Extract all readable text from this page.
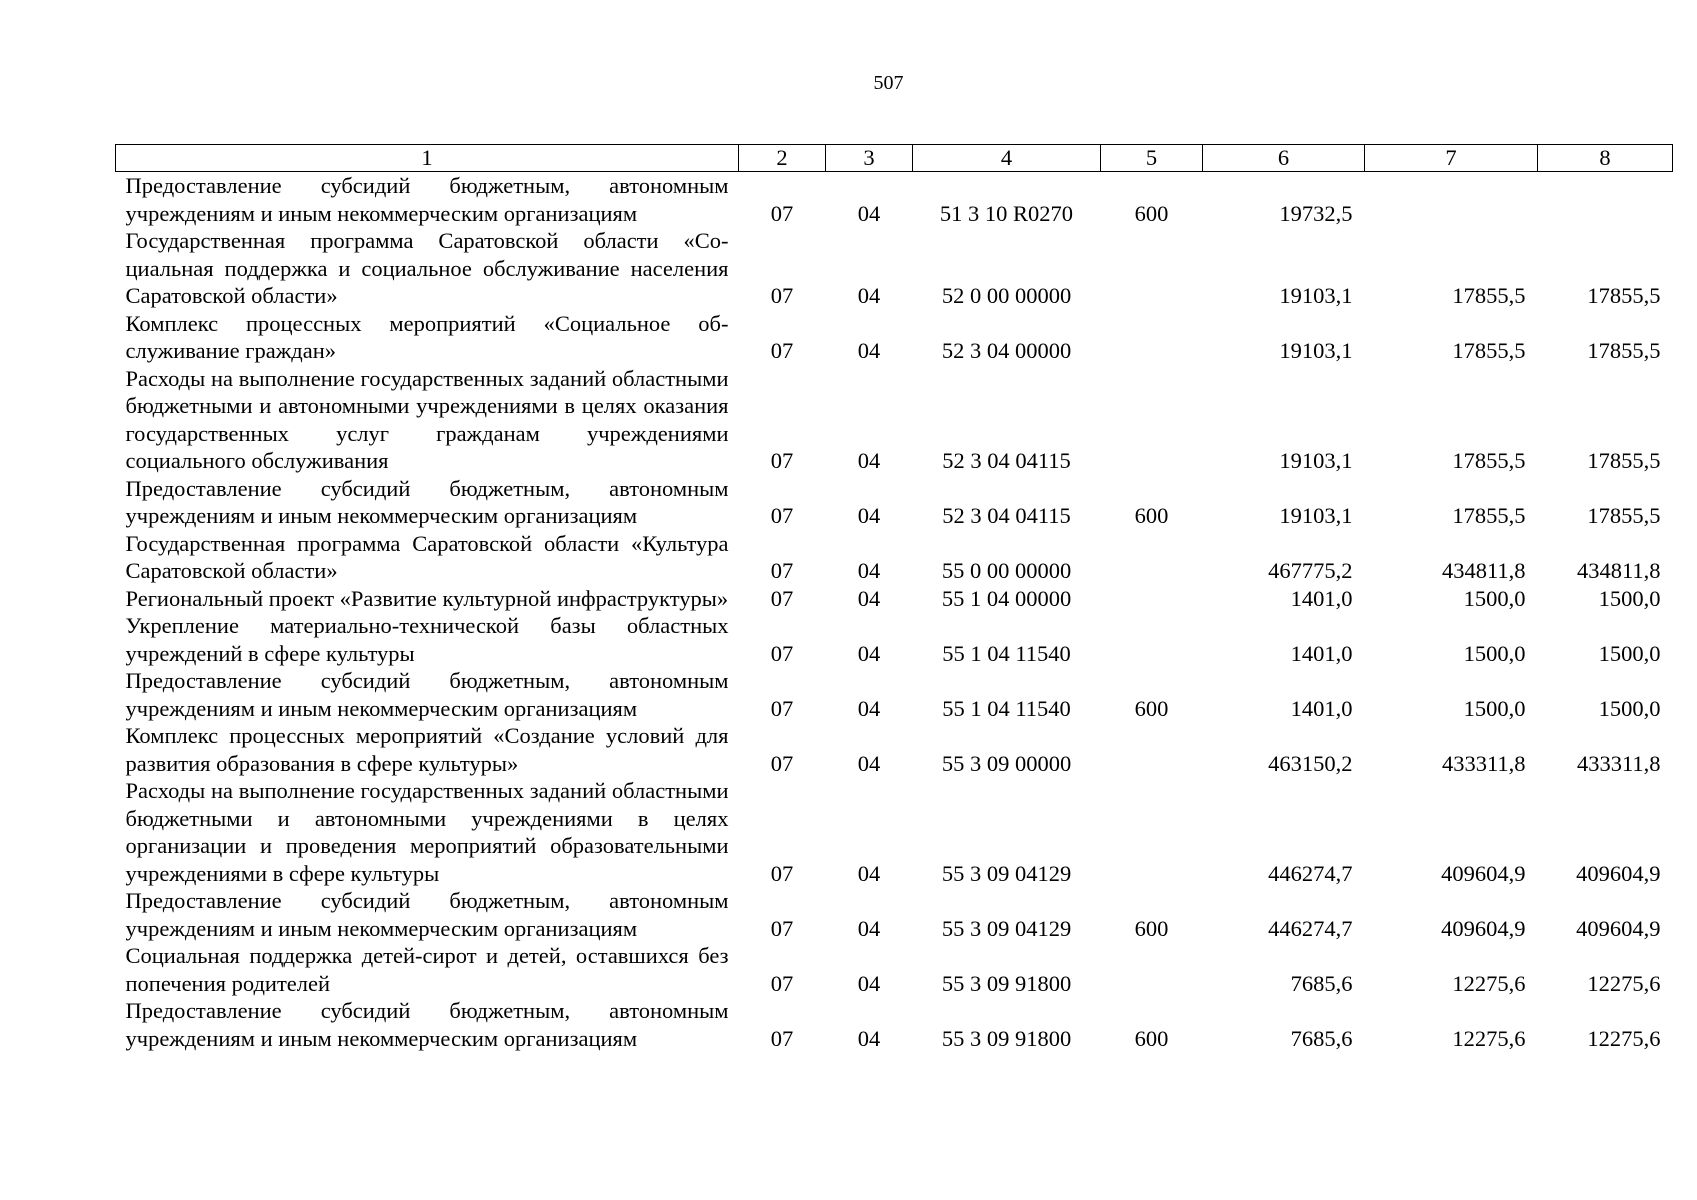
507
1	2	3	4	5	6	7	8
Предоставление субсидий бюджетным, автономным учреждениям и иным некоммерческим организациям	07	04	51 3 10 R0270	600	19732,5		
Государственная программа Саратовской области «Социальная поддержка и социальное обслуживание населения Саратовской области»	07	04	52 0 00 00000		19103,1	17855,5	17855,5
Комплекс процессных мероприятий «Социальное обслуживание граждан»	07	04	52 3 04 00000		19103,1	17855,5	17855,5
Расходы на выполнение государственных заданий областными бюджетными и автономными учреждениями в целях оказания государственных услуг гражданам учреждениями социального обслуживания	07	04	52 3 04 04115		19103,1	17855,5	17855,5
Предоставление субсидий бюджетным, автономным учреждениям и иным некоммерческим организациям	07	04	52 3 04 04115	600	19103,1	17855,5	17855,5
Государственная программа Саратовской области «Культура Саратовской области»	07	04	55 0 00 00000		467775,2	434811,8	434811,8
Региональный проект «Развитие культурной инфраструктуры»	07	04	55 1 04 00000		1401,0	1500,0	1500,0
Укрепление материально-технической базы областных учреждений в сфере культуры	07	04	55 1 04 11540		1401,0	1500,0	1500,0
Предоставление субсидий бюджетным, автономным учреждениям и иным некоммерческим организациям	07	04	55 1 04 11540	600	1401,0	1500,0	1500,0
Комплекс процессных мероприятий «Создание условий для развития образования в сфере культуры»	07	04	55 3 09 00000		463150,2	433311,8	433311,8
Расходы на выполнение государственных заданий областными бюджетными и автономными учреждениями в целях организации и проведения мероприятий образовательными учреждениями в сфере культуры	07	04	55 3 09 04129		446274,7	409604,9	409604,9
Предоставление субсидий бюджетным, автономным учреждениям и иным некоммерческим организациям	07	04	55 3 09 04129	600	446274,7	409604,9	409604,9
Социальная поддержка детей-сирот и детей, оставшихся без попечения родителей	07	04	55 3 09 91800		7685,6	12275,6	12275,6
Предоставление субсидий бюджетным, автономным учреждениям и иным некоммерческим организациям	07	04	55 3 09 91800	600	7685,6	12275,6	12275,6
